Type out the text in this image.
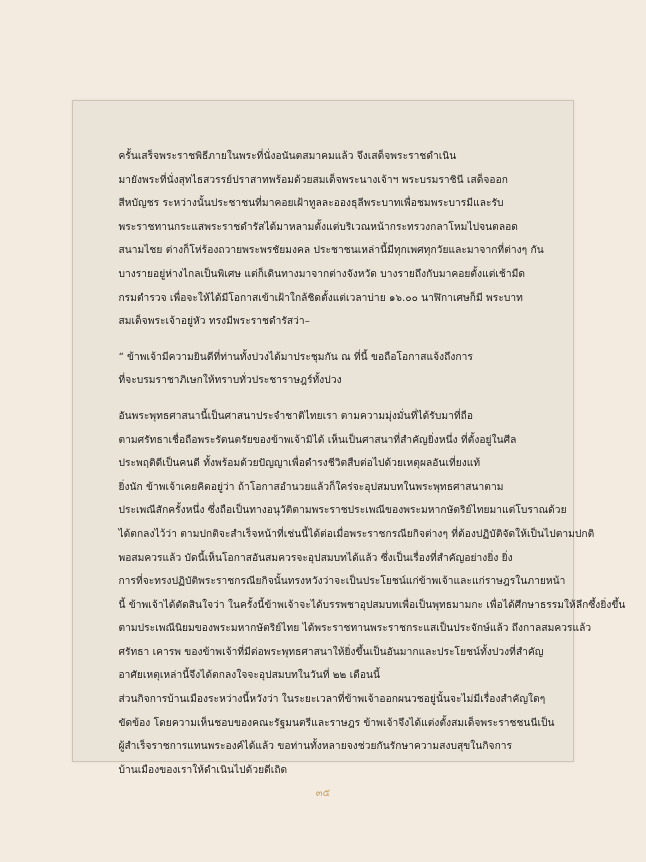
ครั้นเสร็จพระราชพิธีภายในพระที่นั่งอนันตสมาคมแล้ว จึงเสด็จพระราชดำเนิน
มายังพระที่นั่งสุทไธสวรรย์ปราสาทพร้อมด้วยสมเด็จพระนางเจ้าฯ พระบรมราชินี เสด็จออก
สีหบัญชร ระหว่างนั้นประชาชนที่มาคอยเฝ้าทูลละอองธุลีพระบาทเพื่อชมพระบารมีและรับ
พระราชทานกระแสพระราชดำรัสได้มาหลามตั้งแต่บริเวณหน้ากระทรวงกลาโหมไปจนตลอด
สนามไชย ต่างก็โห่ร้องถวายพระพรชัยมงคล ประชาชนเหล่านี้มีทุกเพศทุกวัยและมาจากที่ต่างๆ กัน
บางรายอยู่ห่างไกลเป็นพิเศษ แต่ก็เดินทางมาจากต่างจังหวัด บางรายถึงกับมาคอยตั้งแต่เช้ามืด
กรมตำรวจ เพื่อจะให้ได้มีโอกาสเข้าเฝ้าใกล้ชิดตั้งแต่เวลาบ่าย ๑๖.๐๐ นาฬิกาเศษก็มี พระบาท
สมเด็จพระเจ้าอยู่หัว ทรงมีพระราชดำรัสว่า–

“ ข้าพเจ้ามีความยินดีที่ท่านทั้งปวงได้มาประชุมกัน ณ ที่นี้ ขอถือโอกาสแจ้งถึงการ
ที่จะบรมราชาภิเษกให้ทราบทั่วประชาราษฎร์ทั้งปวง

อันพระพุทธศาสนานี้เป็นศาสนาประจำชาติไทยเรา ตามความมุ่งมั่นที่ได้รับมาที่ถือ
ตามศรัทธาเชื่อถือพระรัตนตรัยของข้าพเจ้ามิได้ เห็นเป็นศาสนาที่สำคัญยิ่งหนึ่ง ที่ตั้งอยู่ในศีล
ประพฤติดีเป็นคนดี ทั้งพร้อมด้วยปัญญาเพื่อดำรงชีวิตสืบต่อไปด้วยเหตุผลอันเที่ยงแท้
ยิ่งนัก ข้าพเจ้าเคยคิดอยู่ว่า ถ้าโอกาสอำนวยแล้วก็ใคร่จะอุปสมบทในพระพุทธศาสนาตาม
ประเพณีสักครั้งหนึ่ง ซึ่งถือเป็นทางอนุวัติตามพระราชประเพณีของพระมหากษัตริย์ไทยมาแต่โบราณด้วย
ได้ตกลงไว้ว่า ตามปกติจะสำเร็จหน้าที่เช่นนี้ได้ต่อเมื่อพระราชกรณียกิจต่างๆ ที่ต้องปฏิบัติจัดให้เป็นไปตามปกติ
พอสมควรแล้ว บัดนี้เห็นโอกาสอันสมควรจะอุปสมบทได้แล้ว ซึ่งเป็นเรื่องที่สำคัญอย่างยิ่ง ยิ่ง
การที่จะทรงปฏิบัติพระราชกรณียกิจนั้นทรงหวังว่าจะเป็นประโยชน์แก่ข้าพเจ้าและแก่ราษฎรในภายหน้า
นี้ ข้าพเจ้าได้ตัดสินใจว่า ในครั้งนี้ข้าพเจ้าจะได้บรรพชาอุปสมบทเพื่อเป็นพุทธมามกะ เพื่อได้ศึกษาธรรมให้ลึกซึ้งยิ่งขึ้น
ตามประเพณีนิยมของพระมหากษัตริย์ไทย ได้พระราชทานพระราชกระแสเป็นประจักษ์แล้ว ถึงกาลสมควรแล้ว
ศรัทธา เคารพ ของข้าพเจ้าที่มีต่อพระพุทธศาสนาให้ยิ่งขึ้นเป็นอันมากและประโยชน์ทั้งปวงที่สำคัญ
อาศัยเหตุเหล่านี้จึงได้ตกลงใจจะอุปสมบทในวันที่ ๒๒ เดือนนี้

ส่วนกิจการบ้านเมืองระหว่างนี้หวังว่า ในระยะเวลาที่ข้าพเจ้าออกผนวชอยู่นั้นจะไม่มีเรื่องสำคัญใดๆ
ขัดข้อง โดยความเห็นชอบของคณะรัฐมนตรีและราษฎร ข้าพเจ้าจึงได้แต่งตั้งสมเด็จพระราชชนนีเป็น
ผู้สำเร็จราชการแทนพระองค์ได้แล้ว ขอท่านทั้งหลายจงช่วยกันรักษาความสงบสุขในกิจการ
บ้านเมืองของเราให้ดำเนินไปด้วยดีเถิด

๓๕
